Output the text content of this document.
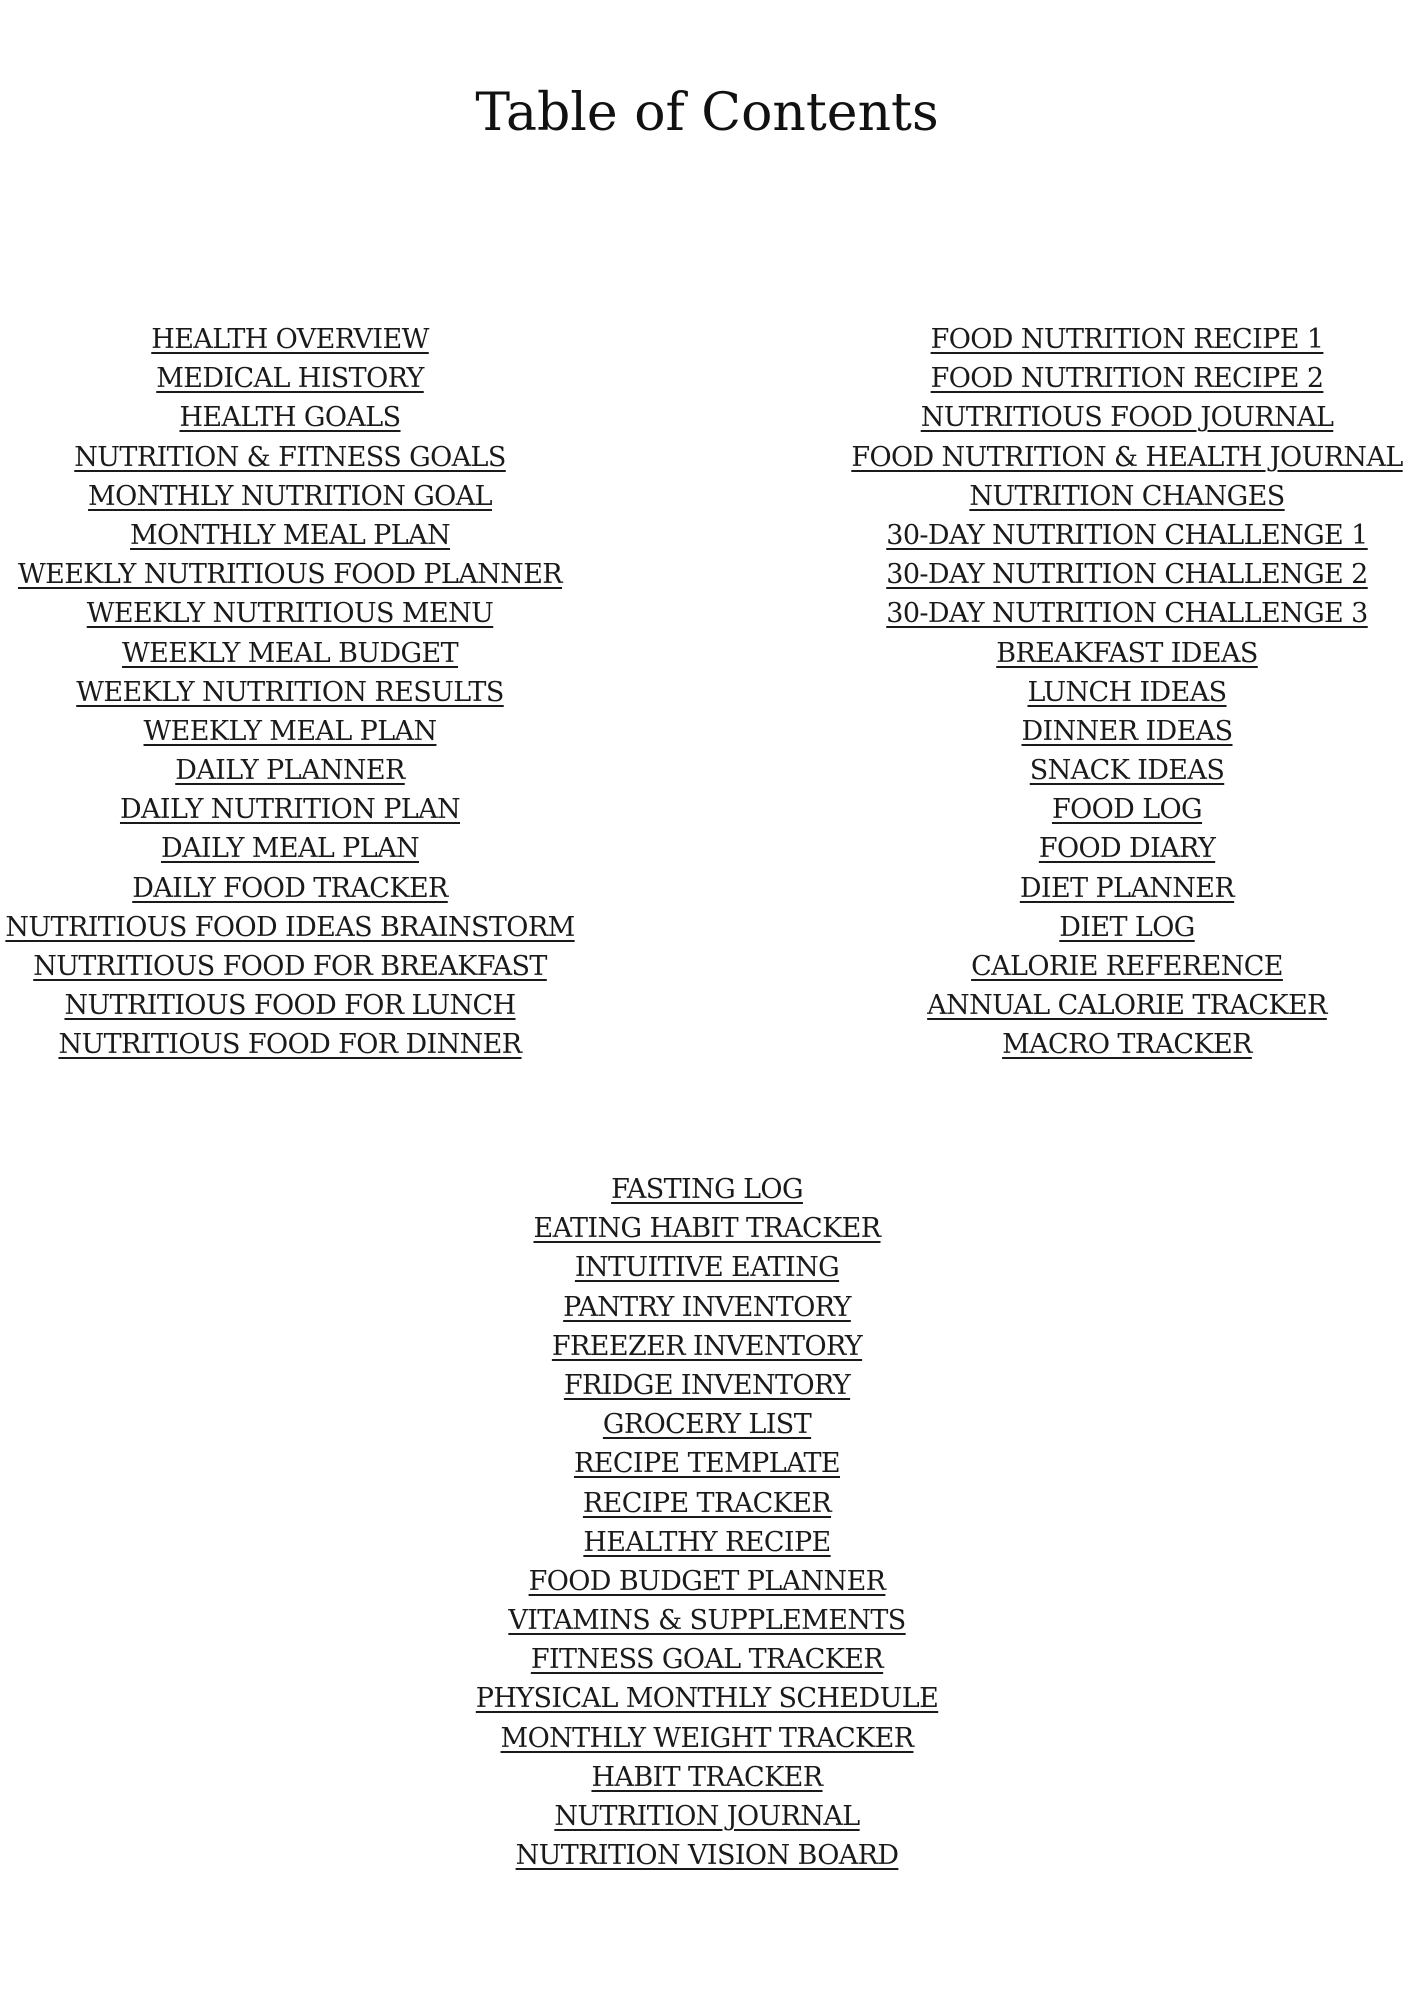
Table of Contents
HEALTH OVERVIEW
MEDICAL HISTORY
HEALTH GOALS
NUTRITION & FITNESS GOALS
MONTHLY NUTRITION GOAL
MONTHLY MEAL PLAN
WEEKLY NUTRITIOUS FOOD PLANNER
WEEKLY NUTRITIOUS MENU
WEEKLY MEAL BUDGET
WEEKLY NUTRITION RESULTS
WEEKLY MEAL PLAN
DAILY PLANNER
DAILY NUTRITION PLAN
DAILY MEAL PLAN
DAILY FOOD TRACKER
NUTRITIOUS FOOD IDEAS BRAINSTORM
NUTRITIOUS FOOD FOR BREAKFAST
NUTRITIOUS FOOD FOR LUNCH
NUTRITIOUS FOOD FOR DINNER
FOOD NUTRITION RECIPE 1
FOOD NUTRITION RECIPE 2
NUTRITIOUS FOOD JOURNAL
FOOD NUTRITION & HEALTH JOURNAL
NUTRITION CHANGES
30-DAY NUTRITION CHALLENGE 1
30-DAY NUTRITION CHALLENGE 2
30-DAY NUTRITION CHALLENGE 3
BREAKFAST IDEAS
LUNCH IDEAS
DINNER IDEAS
SNACK IDEAS
FOOD LOG
FOOD DIARY
DIET PLANNER
DIET LOG
CALORIE REFERENCE
ANNUAL CALORIE TRACKER
MACRO TRACKER
FASTING LOG
EATING HABIT TRACKER
INTUITIVE EATING
PANTRY INVENTORY
FREEZER INVENTORY
FRIDGE INVENTORY
GROCERY LIST
RECIPE TEMPLATE
RECIPE TRACKER
HEALTHY RECIPE
FOOD BUDGET PLANNER
VITAMINS & SUPPLEMENTS
FITNESS GOAL TRACKER
PHYSICAL MONTHLY SCHEDULE
MONTHLY WEIGHT TRACKER
HABIT TRACKER
NUTRITION JOURNAL
NUTRITION VISION BOARD
